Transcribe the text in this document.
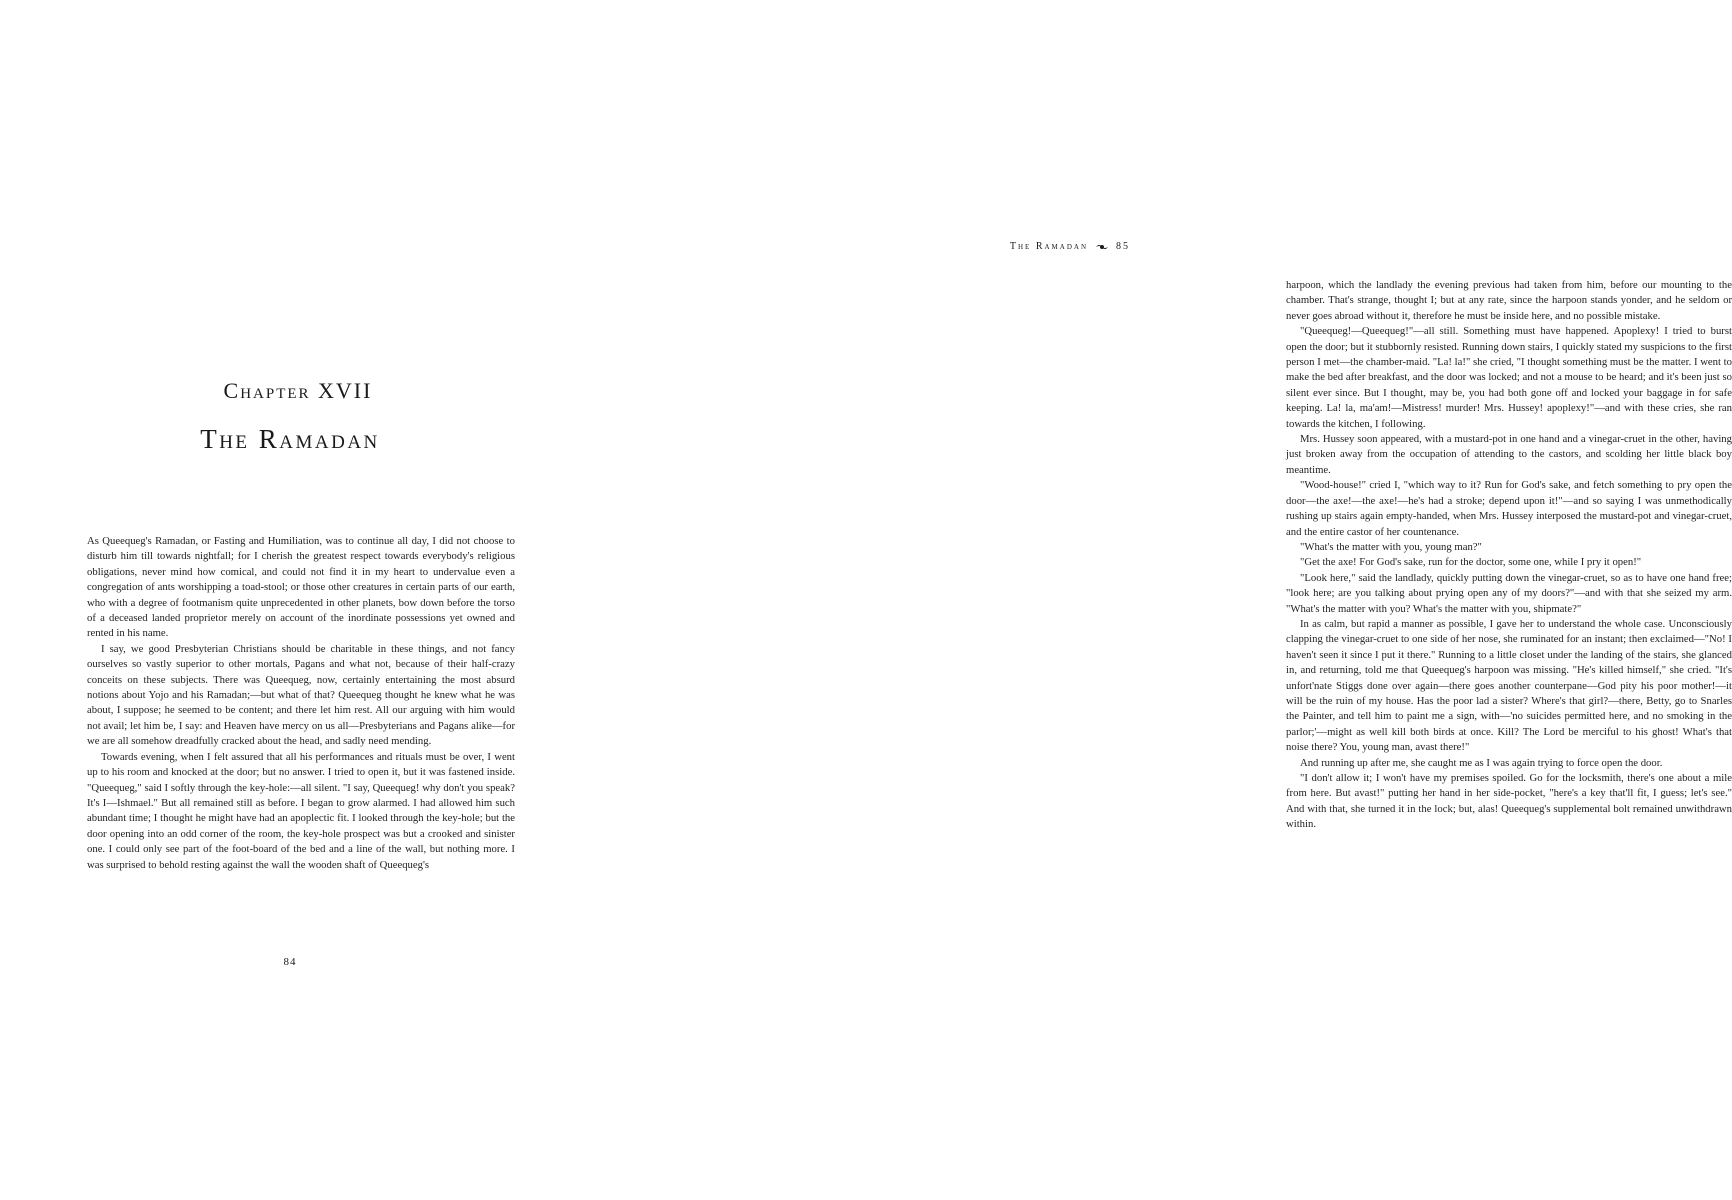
Chapter XVII
The Ramadan

As Queequeg's Ramadan, or Fasting and Humiliation, was to continue all day, I did not choose to disturb him till towards nightfall; for I cherish the greatest respect towards everybody's religious obligations, never mind how comical, and could not find it in my heart to undervalue even a congregation of ants worshipping a toad-stool; or those other creatures in certain parts of our earth, who with a degree of footmanism quite unprecedented in other planets, bow down before the torso of a deceased landed proprietor merely on account of the inordinate possessions yet owned and rented in his name.

I say, we good Presbyterian Christians should be charitable in these things, and not fancy ourselves so vastly superior to other mortals, Pagans and what not, because of their half-crazy conceits on these subjects. There was Queequeg, now, certainly entertaining the most absurd notions about Yojo and his Ramadan;—but what of that? Queequeg thought he knew what he was about, I suppose; he seemed to be content; and there let him rest. All our arguing with him would not avail; let him be, I say: and Heaven have mercy on us all—Presbyterians and Pagans alike—for we are all somehow dreadfully cracked about the head, and sadly need mending.

Towards evening, when I felt assured that all his performances and rituals must be over, I went up to his room and knocked at the door; but no answer. I tried to open it, but it was fastened inside. "Queequeg," said I softly through the key-hole:—all silent. "I say, Queequeg! why don't you speak? It's I—Ishmael." But all remained still as before. I began to grow alarmed. I had allowed him such abundant time; I thought he might have had an apoplectic fit. I looked through the key-hole; but the door opening into an odd corner of the room, the key-hole prospect was but a crooked and sinister one. I could only see part of the foot-board of the bed and a line of the wall, but nothing more. I was surprised to behold resting against the wall the wooden shaft of Queequeg's

84
The Ramadan	85

harpoon, which the landlady the evening previous had taken from him, before our mounting to the chamber. That's strange, thought I; but at any rate, since the harpoon stands yonder, and he seldom or never goes abroad without it, therefore he must be inside here, and no possible mistake.

"Queequeg!—Queequeg!"—all still. Something must have happened. Apoplexy! I tried to burst open the door; but it stubbornly resisted. Running down stairs, I quickly stated my suspicions to the first person I met—the chamber-maid. "La! la!" she cried, "I thought something must be the matter. I went to make the bed after breakfast, and the door was locked; and not a mouse to be heard; and it's been just so silent ever since. But I thought, may be, you had both gone off and locked your baggage in for safe keeping. La! la, ma'am!—Mistress! murder! Mrs. Hussey! apoplexy!"—and with these cries, she ran towards the kitchen, I following.

Mrs. Hussey soon appeared, with a mustard-pot in one hand and a vinegar-cruet in the other, having just broken away from the occupation of attending to the castors, and scolding her little black boy meantime.

"Wood-house!" cried I, "which way to it? Run for God's sake, and fetch something to pry open the door—the axe!—the axe!—he's had a stroke; depend upon it!"—and so saying I was unmethodically rushing up stairs again empty-handed, when Mrs. Hussey interposed the mustard-pot and vinegar-cruet, and the entire castor of her countenance.

"What's the matter with you, young man?"

"Get the axe! For God's sake, run for the doctor, some one, while I pry it open!"

"Look here," said the landlady, quickly putting down the vinegar-cruet, so as to have one hand free; "look here; are you talking about prying open any of my doors?"—and with that she seized my arm. "What's the matter with you? What's the matter with you, shipmate?"

In as calm, but rapid a manner as possible, I gave her to understand the whole case. Unconsciously clapping the vinegar-cruet to one side of her nose, she ruminated for an instant; then exclaimed—"No! I haven't seen it since I put it there." Running to a little closet under the landing of the stairs, she glanced in, and returning, told me that Queequeg's harpoon was missing. "He's killed himself," she cried. "It's unfort'nate Stiggs done over again—there goes another counterpane—God pity his poor mother!—it will be the ruin of my house. Has the poor lad a sister? Where's that girl?—there, Betty, go to Snarles the Painter, and tell him to paint me a sign, with—'no suicides permitted here, and no smoking in the parlor;'—might as well kill both birds at once. Kill? The Lord be merciful to his ghost! What's that noise there? You, young man, avast there!"

And running up after me, she caught me as I was again trying to force open the door.

"I don't allow it; I won't have my premises spoiled. Go for the locksmith, there's one about a mile from here. But avast!" putting her hand in her side-pocket, "here's a key that'll fit, I guess; let's see." And with that, she turned it in the lock; but, alas! Queequeg's supplemental bolt remained unwithdrawn within.
